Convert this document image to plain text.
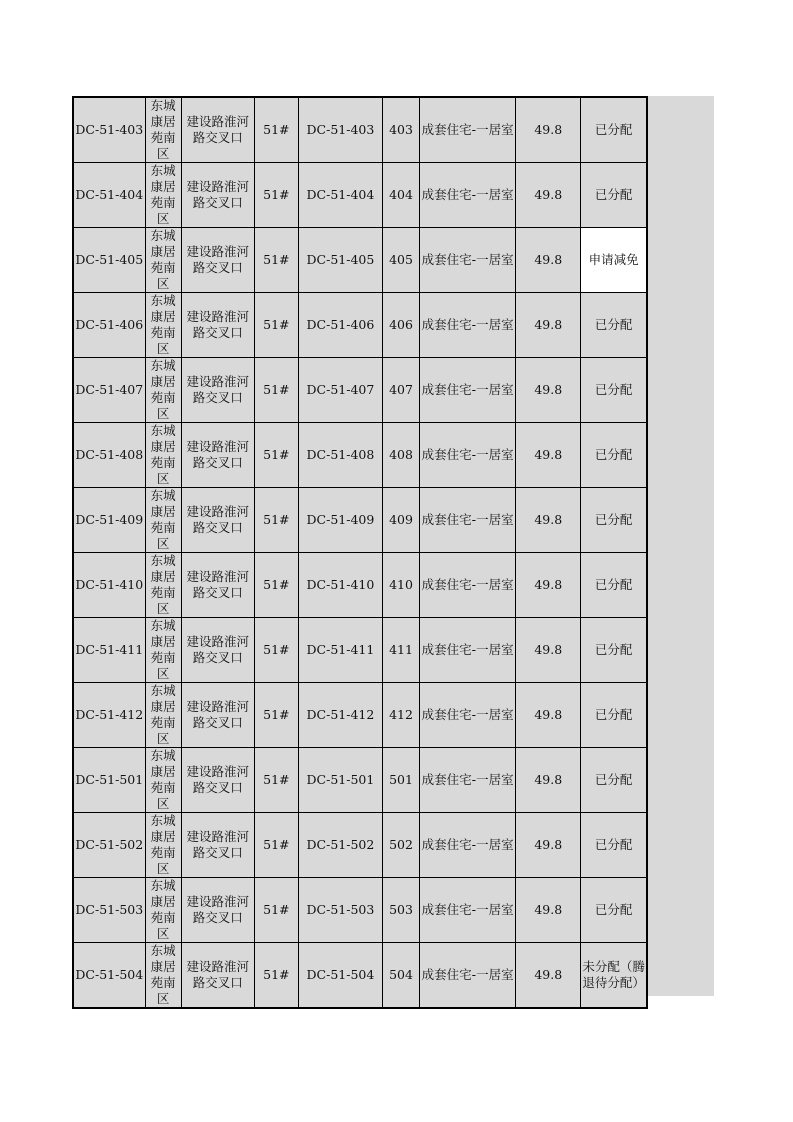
DC-51-403	东城康居苑南区	建设路淮河路交叉口	51#	DC-51-403	403	成套住宅-一居室	49.8	已分配
DC-51-404	东城康居苑南区	建设路淮河路交叉口	51#	DC-51-404	404	成套住宅-一居室	49.8	已分配
DC-51-405	东城康居苑南区	建设路淮河路交叉口	51#	DC-51-405	405	成套住宅-一居室	49.8	申请减免
DC-51-406	东城康居苑南区	建设路淮河路交叉口	51#	DC-51-406	406	成套住宅-一居室	49.8	已分配
DC-51-407	东城康居苑南区	建设路淮河路交叉口	51#	DC-51-407	407	成套住宅-一居室	49.8	已分配
DC-51-408	东城康居苑南区	建设路淮河路交叉口	51#	DC-51-408	408	成套住宅-一居室	49.8	已分配
DC-51-409	东城康居苑南区	建设路淮河路交叉口	51#	DC-51-409	409	成套住宅-一居室	49.8	已分配
DC-51-410	东城康居苑南区	建设路淮河路交叉口	51#	DC-51-410	410	成套住宅-一居室	49.8	已分配
DC-51-411	东城康居苑南区	建设路淮河路交叉口	51#	DC-51-411	411	成套住宅-一居室	49.8	已分配
DC-51-412	东城康居苑南区	建设路淮河路交叉口	51#	DC-51-412	412	成套住宅-一居室	49.8	已分配
DC-51-501	东城康居苑南区	建设路淮河路交叉口	51#	DC-51-501	501	成套住宅-一居室	49.8	已分配
DC-51-502	东城康居苑南区	建设路淮河路交叉口	51#	DC-51-502	502	成套住宅-一居室	49.8	已分配
DC-51-503	东城康居苑南区	建设路淮河路交叉口	51#	DC-51-503	503	成套住宅-一居室	49.8	已分配
DC-51-504	东城康居苑南区	建设路淮河路交叉口	51#	DC-51-504	504	成套住宅-一居室	49.8	未分配（腾退待分配）
